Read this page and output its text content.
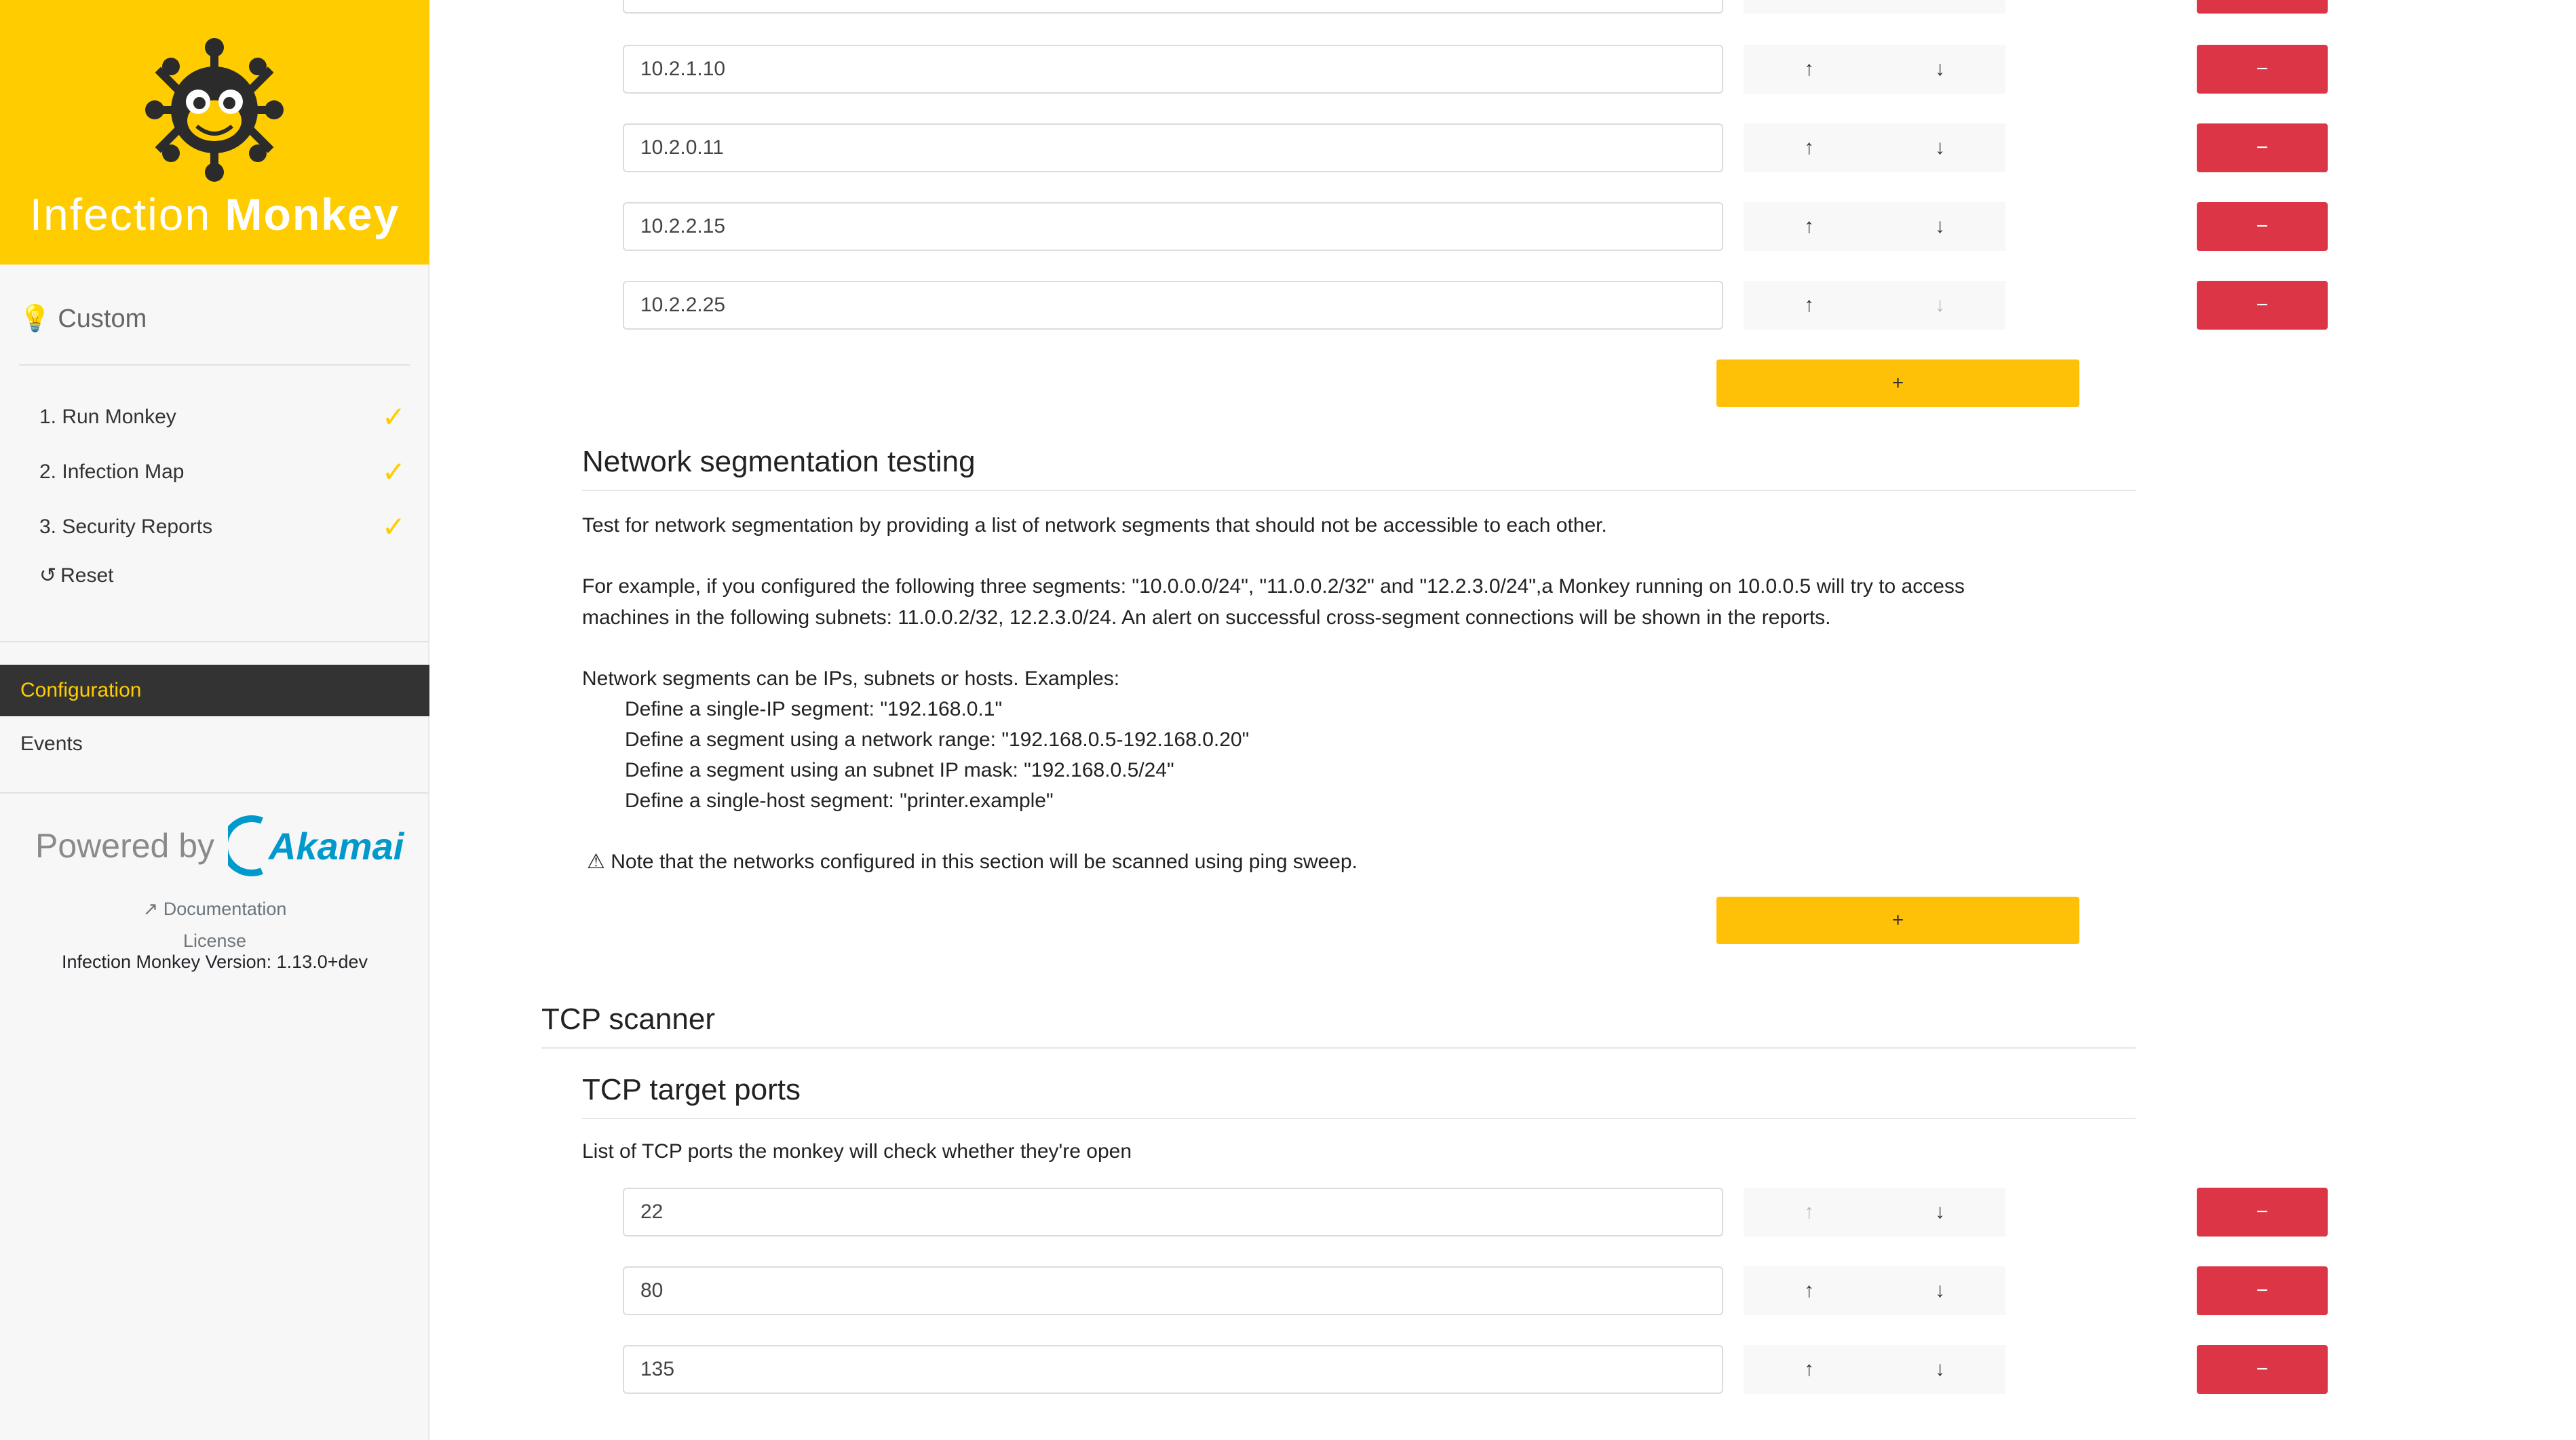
Infection Monkey
💡 Custom
1. Run Monkey	✓
2. Infection Map	✓
3. Security Reports	✓
↺ Reset
Configuration
Events
Powered by Akamai
↗ Documentation
License
Infection Monkey Version: 1.13.0+dev
10.2.1.10	↑	↓	−
10.2.0.11	↑	↓	−
10.2.2.15	↑	↓	−
10.2.2.25	↑	↓	−
+
Network segmentation testing
Test for network segmentation by providing a list of network segments that should not be accessible to each other.
For example, if you configured the following three segments: "10.0.0.0/24", "11.0.0.2/32" and "12.2.3.0/24",a Monkey running on 10.0.0.5 will try to access
machines in the following subnets: 11.0.0.2/32, 12.2.3.0/24. An alert on successful cross-segment connections will be shown in the reports.
Network segments can be IPs, subnets or hosts. Examples:
Define a single-IP segment: "192.168.0.1"
Define a segment using a network range: "192.168.0.5-192.168.0.20"
Define a segment using an subnet IP mask: "192.168.0.5/24"
Define a single-host segment: "printer.example"
⚠ Note that the networks configured in this section will be scanned using ping sweep.
+
TCP scanner
TCP target ports
List of TCP ports the monkey will check whether they're open
22	↑	↓	−
80	↑	↓	−
135	↑	↓	−
